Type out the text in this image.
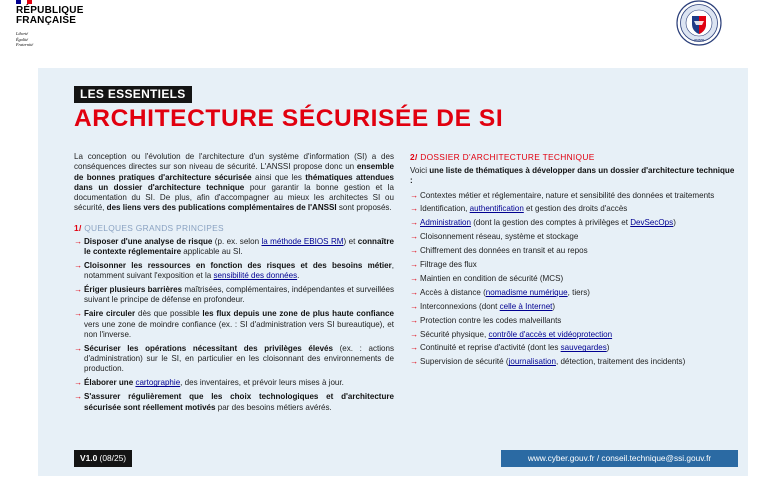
RÉPUBLIQUE
FRANÇAISE
Liberté
Égalité
Fraternité
ANSSI
LES ESSENTIELS
ARCHITECTURE SÉCURISÉE DE SI

La conception ou l'évolution de l'architecture d'un système d'information (SI) a des conséquences directes sur son niveau de sécurité. L'ANSSI propose donc un ensemble de bonnes pratiques d'architecture sécurisée ainsi que les thématiques attendues dans un dossier d'architecture technique pour garantir la bonne gestion et la documentation du SI. De plus, afin d'accompagner au mieux les architectes SI ou sécurité, des liens vers des publications complémentaires de l'ANSSI sont proposés.

1/ QUELQUES GRANDS PRINCIPES
→ Disposer d'une analyse de risque (p. ex. selon la méthode EBIOS RM) et connaître le contexte réglementaire applicable au SI.
→ Cloisonner les ressources en fonction des risques et des besoins métier, notamment suivant l'exposition et la sensibilité des données.
→ Ériger plusieurs barrières maîtrisées, complémentaires, indépendantes et surveillées suivant le principe de défense en profondeur.
→ Faire circuler dès que possible les flux depuis une zone de plus haute confiance vers une zone de moindre confiance (ex. : SI d'administration vers SI bureautique), et non l'inverse.
→ Sécuriser les opérations nécessitant des privilèges élevés (ex. : actions d'administration) sur le SI, en particulier en les cloisonnant des environnements de production.
→ Élaborer une cartographie, des inventaires, et prévoir leurs mises à jour.
→ S'assurer régulièrement que les choix technologiques et d'architecture sécurisée sont réellement motivés par des besoins métiers avérés.
2/ DOSSIER D'ARCHITECTURE TECHNIQUE

Voici une liste de thématiques à développer dans un dossier d'architecture technique :

→ Contextes métier et réglementaire, nature et sensibilité des données et traitements
→ Identification, authentification et gestion des droits d'accès
→ Administration (dont la gestion des comptes à privilèges et DevSecOps)
→ Cloisonnement réseau, système et stockage
→ Chiffrement des données en transit et au repos
→ Filtrage des flux
→ Maintien en condition de sécurité (MCS)
→ Accès à distance (nomadisme numérique, tiers)
→ Interconnexions (dont celle à Internet)
→ Protection contre les codes malveillants
→ Sécurité physique, contrôle d'accès et vidéoprotection
→ Continuité et reprise d'activité (dont les sauvegardes)
→ Supervision de sécurité (journalisation, détection, traitement des incidents)
V1.0 (08/25)	www.cyber.gouv.fr / conseil.technique@ssi.gouv.fr
